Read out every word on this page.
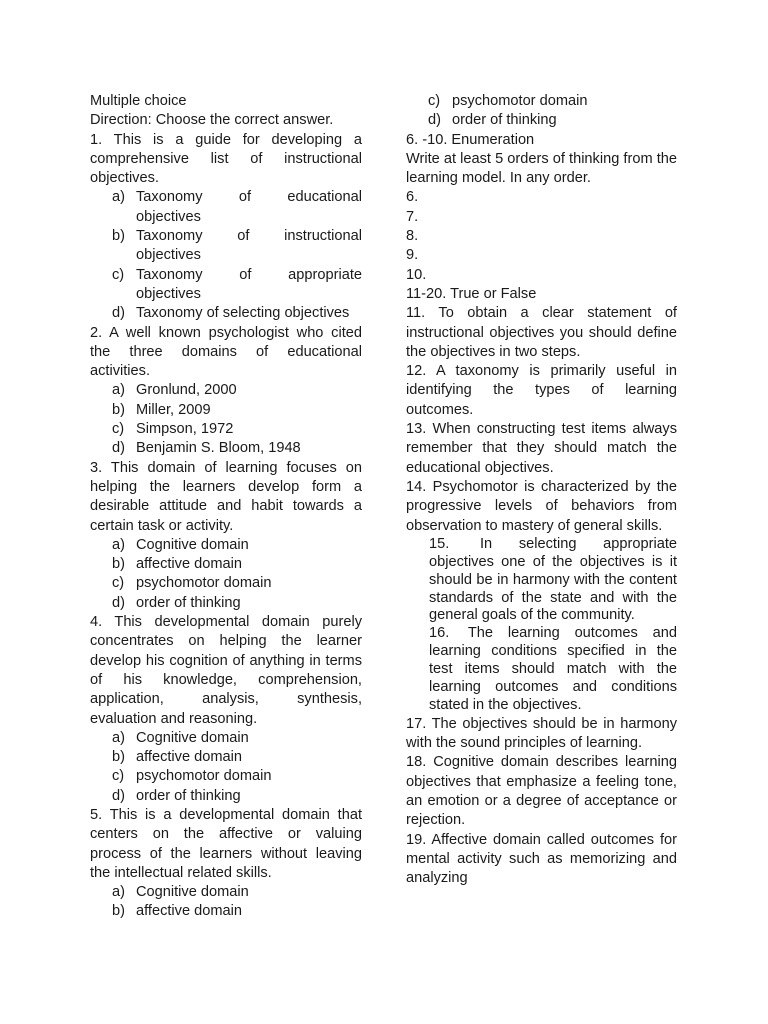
Multiple choice
Direction: Choose the correct answer.
1. This is a guide for developing a comprehensive list of instructional objectives.
a) Taxonomy of educational objectives
b) Taxonomy of instructional objectives
c) Taxonomy of appropriate objectives
d) Taxonomy of selecting objectives
2. A well known psychologist who cited the three domains of educational activities.
a) Gronlund, 2000
b) Miller, 2009
c) Simpson, 1972
d) Benjamin S. Bloom, 1948
3. This domain of learning focuses on helping the learners develop form a desirable attitude and habit towards a certain task or activity.
a) Cognitive domain
b) affective domain
c) psychomotor domain
d) order of thinking
4. This developmental domain purely concentrates on helping the learner develop his cognition of anything in terms of his knowledge, comprehension, application, analysis, synthesis, evaluation and reasoning.
a) Cognitive domain
b) affective domain
c) psychomotor domain
d) order of thinking
5. This is a developmental domain that centers on the affective or valuing process of the learners without leaving the intellectual related skills.
a) Cognitive domain
b) affective domain
c) psychomotor domain
d) order of thinking
6. -10. Enumeration
Write at least 5 orders of thinking from the learning model. In any order.
6.
7.
8.
9.
10.
11-20. True or False
11. To obtain a clear statement of instructional objectives you should define the objectives in two steps.
12. A taxonomy is primarily useful in identifying the types of learning outcomes.
13. When constructing test items always remember that they should match the educational objectives.
14. Psychomotor is characterized by the progressive levels of behaviors from observation to mastery of general skills.
15. In selecting appropriate objectives one of the objectives is it should be in harmony with the content standards of the state and with the general goals of the community.
16. The learning outcomes and learning conditions specified in the test items should match with the learning outcomes and conditions stated in the objectives.
17. The objectives should be in harmony with the sound principles of learning.
18. Cognitive domain describes learning objectives that emphasize a feeling tone, an emotion or a degree of acceptance or rejection.
19. Affective domain called outcomes for mental activity such as memorizing and analyzing
